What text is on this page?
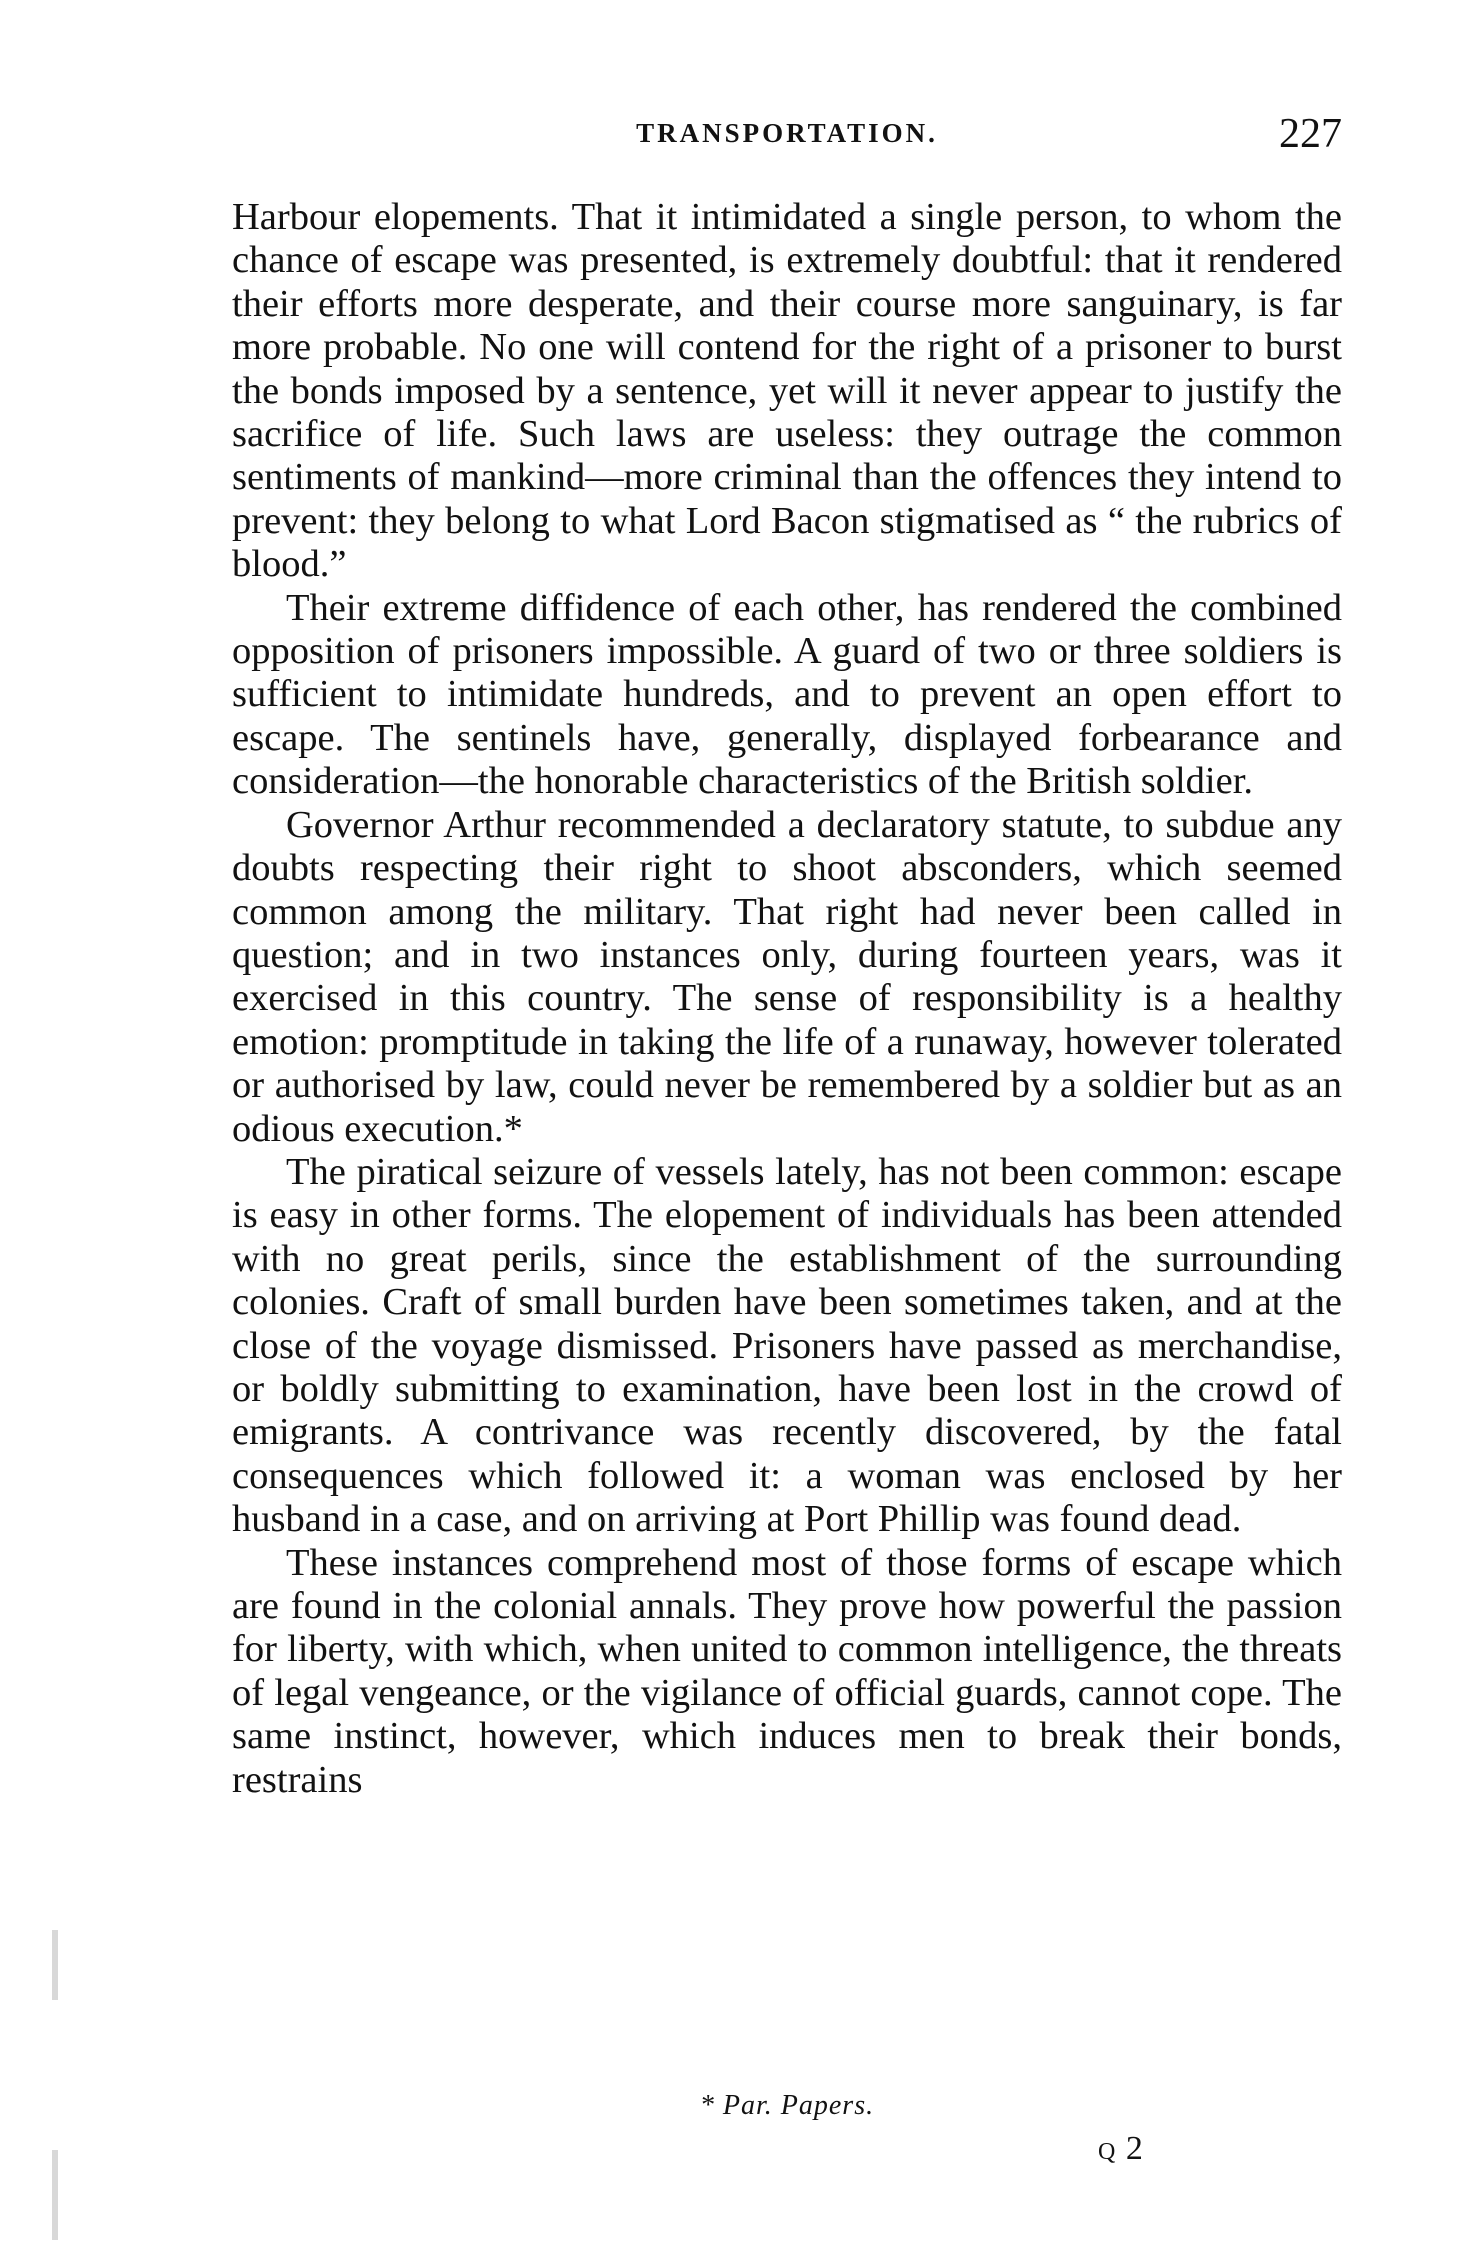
TRANSPORTATION.	227

Harbour elopements. That it intimidated a single person, to whom the chance of escape was presented, is extremely doubtful: that it rendered their efforts more desperate, and their course more sanguinary, is far more probable. No one will contend for the right of a prisoner to burst the bonds imposed by a sentence, yet will it never appear to justify the sacrifice of life. Such laws are useless: they outrage the common sentiments of mankind—more criminal than the offences they intend to prevent: they belong to what Lord Bacon stigmatised as “ the rubrics of blood.”

Their extreme diffidence of each other, has rendered the combined opposition of prisoners impossible. A guard of two or three soldiers is sufficient to intimidate hundreds, and to prevent an open effort to escape. The sentinels have, generally, displayed forbearance and consideration—the honorable characteristics of the British soldier.

Governor Arthur recommended a declaratory statute, to subdue any doubts respecting their right to shoot absconders, which seemed common among the military. That right had never been called in question; and in two instances only, during fourteen years, was it exercised in this country. The sense of responsibility is a healthy emotion: promptitude in taking the life of a runaway, however tolerated or authorised by law, could never be remembered by a soldier but as an odious execution.*

The piratical seizure of vessels lately, has not been common: escape is easy in other forms. The elopement of individuals has been attended with no great perils, since the establishment of the surrounding colonies. Craft of small burden have been sometimes taken, and at the close of the voyage dismissed. Prisoners have passed as merchandise, or boldly submitting to examination, have been lost in the crowd of emigrants. A contrivance was recently discovered, by the fatal consequences which followed it: a woman was enclosed by her husband in a case, and on arriving at Port Phillip was found dead.

These instances comprehend most of those forms of escape which are found in the colonial annals. They prove how powerful the passion for liberty, with which, when united to common intelligence, the threats of legal vengeance, or the vigilance of official guards, cannot cope. The same instinct, however, which induces men to break their bonds, restrains

* Par. Papers.
Q 2
